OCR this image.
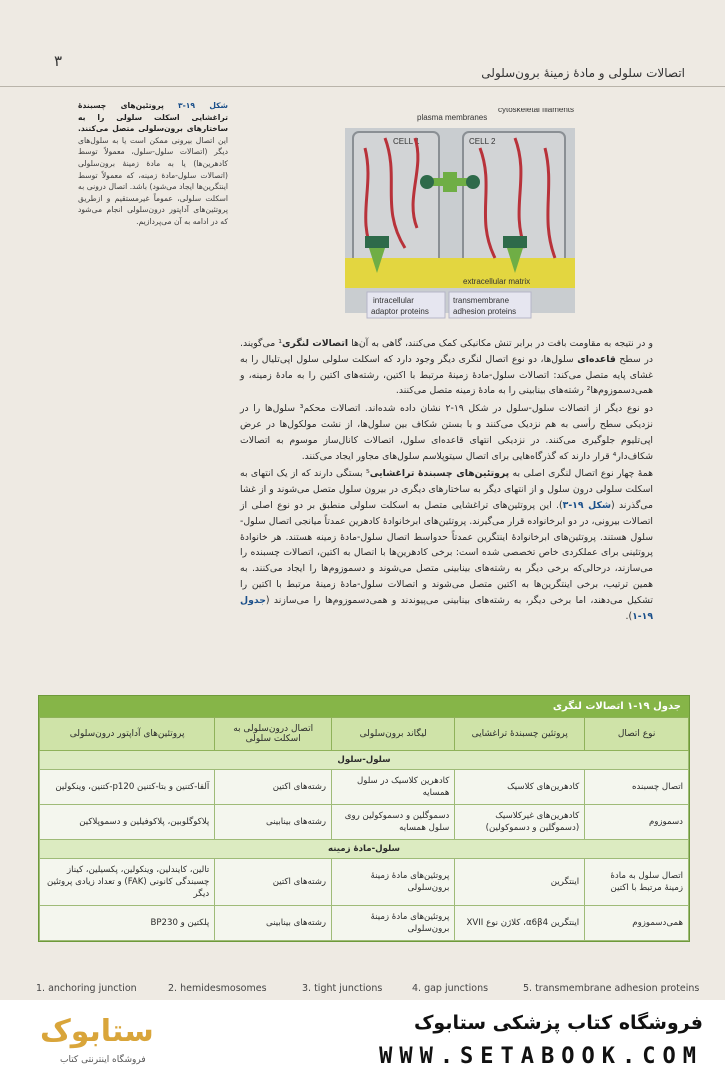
۳
اتصالات سلولی و مادۀ زمینۀ برون‌سلولی
شکل ۱۹-۳ پروتئین‌های چسبندۀ تراغشایی اسکلت سلولی را به ساختارهای برون‌سلولی متصل می‌کنند. این اتصال بیرونی ممکن است یا به سلول‌های دیگر (اتصالات سلول-سلول، معمولاً توسط کادهرین‌ها) یا به مادۀ زمینۀ برون‌سلولی (اتصالات سلول-مادۀ زمینه، که معمولاً توسط اینتگرین‌ها ایجاد می‌شود) باشد. اتصال درونی به اسکلت سلولی، عموماً غیرمستقیم و ازطریق پروتئین‌های آداپتور درون‌سلولی انجام می‌شود که در ادامه به آن می‌پردازیم.
plasma membranes
cytoskeletal filaments
CELL 1	CELL 2
extracellular matrix
intracellular
adaptor proteins
transmembrane
adhesion proteins

و در نتیجه به مقاومت بافت در برابر تنش مکانیکی کمک می‌کنند، گاهی به آن‌ها اتصالات لنگری¹ می‌گویند. در سطح قاعده‌ای سلول‌ها، دو نوع اتصال لنگری دیگر وجود دارد که اسکلت سلولی سلول اپی‌تلیال را به غشای پایه متصل می‌کند: اتصالات سلول-مادۀ زمینۀ مرتبط با اکتین، رشته‌های اکتین را به مادۀ زمینه، و همی‌دسموزوم‌ها² رشته‌های بینابینی را به مادۀ زمینه متصل می‌کنند.

دو نوع دیگر از اتصالات سلول-سلول در شکل ۱۹-۲ نشان داده شده‌اند. اتصالات محکم³ سلول‌ها را در نزدیکی سطح رأسی به هم نزدیک می‌کنند و با بستن شکاف بین سلول‌ها، از نشت مولکول‌ها در عرض اپی‌تلیوم جلوگیری می‌کنند. در نزدیکی انتهای قاعده‌ای سلول، اتصالات کانال‌ساز موسوم به اتصالات شکاف‌دار⁴ قرار دارند که گذرگاه‌هایی برای اتصال سیتوپلاسم سلول‌های مجاور ایجاد می‌کنند.

همۀ چهار نوع اتصال لنگری اصلی به پروتئین‌های چسبندۀ تراغشایی⁵ بستگی دارند که از یک انتهای به اسکلت سلولی درون سلول و از انتهای دیگر به ساختارهای دیگری در بیرون سلول متصل می‌شوند و از غشا می‌گذرند (شکل ۱۹-۳). این پروتئین‌های تراغشایی متصل به اسکلت سلولی منطبق بر دو نوع اصلی از اتصالات بیرونی، در دو ابرخانواده قرار می‌گیرند. پروتئین‌های ابرخانوادۀ کادهرین عمدتاً میانجی اتصال سلول-سلول هستند. پروتئین‌های ابرخانوادۀ اینتگرین عمدتاً حدواسط اتصال سلول-مادۀ زمینه هستند. هر خانوادۀ پروتئینی برای عملکردی خاص تخصصی شده است: برخی کادهرین‌ها با اتصال به اکتین، اتصالات چسبنده را می‌سازند، درحالی‌که برخی دیگر به رشته‌های بینابینی متصل می‌شوند و دسموزوم‌ها را ایجاد می‌کنند. به همین ترتیب، برخی اینتگرین‌ها به اکتین متصل می‌شوند و اتصالات سلول-مادۀ زمینۀ مرتبط با اکتین را تشکیل می‌دهند، اما برخی دیگر، به رشته‌های بینابینی می‌پیوندند و همی‌دسموزوم‌ها را می‌سازند (جدول ۱۹-۱).

جدول ۱۹-۱ اتصالات لنگری
نوع اتصال	پروتئین چسبندۀ تراغشایی	لیگاند برون‌سلولی	اتصال درون‌سلولی به اسکلت سلولی	پروتئین‌های آداپتور درون‌سلولی
سلول-سلول				
اتصال چسبنده	کادهرین‌های کلاسیک	کادهرین کلاسیک در سلول همسایه	رشته‌های اکتین	آلفا-کتنین و بتا-کتنین p120-کتنین، وینکولین
دسموزوم	کادهرین‌های غیرکلاسیک (دسموگلین و دسموکولین)	دسموگلین و دسموکولین روی سلول همسایه	رشته‌های بینابینی	پلاکوگلوبین، پلاکوفیلین و دسموپلاکین
سلول-مادۀ زمینه				
اتصال سلول به مادۀ زمینۀ مرتبط با اکتین	اینتگرین	پروتئین‌های مادۀ زمینۀ برون‌سلولی	رشته‌های اکتین	تالین، کایندلین، وینکولین، پکسیلین، کیناز چسبندگی کانونی (FAK) و تعداد زیادی پروتئین دیگر
همی‌دسموزوم	اینتگرین α6β4، کلاژن نوع XVII	پروتئین‌های مادۀ زمینۀ برون‌سلولی	رشته‌های بینابینی	پلکتین و BP230
1. anchoring junction	2. hemidesmosomes	3. tight junctions	4. gap junctions	5. transmembrane adhesion proteins
ستابوک
فروشگاه اینترنتی کتاب
فروشگاه کتاب پزشکی ستابوک
WWW.SETABOOK.COM
